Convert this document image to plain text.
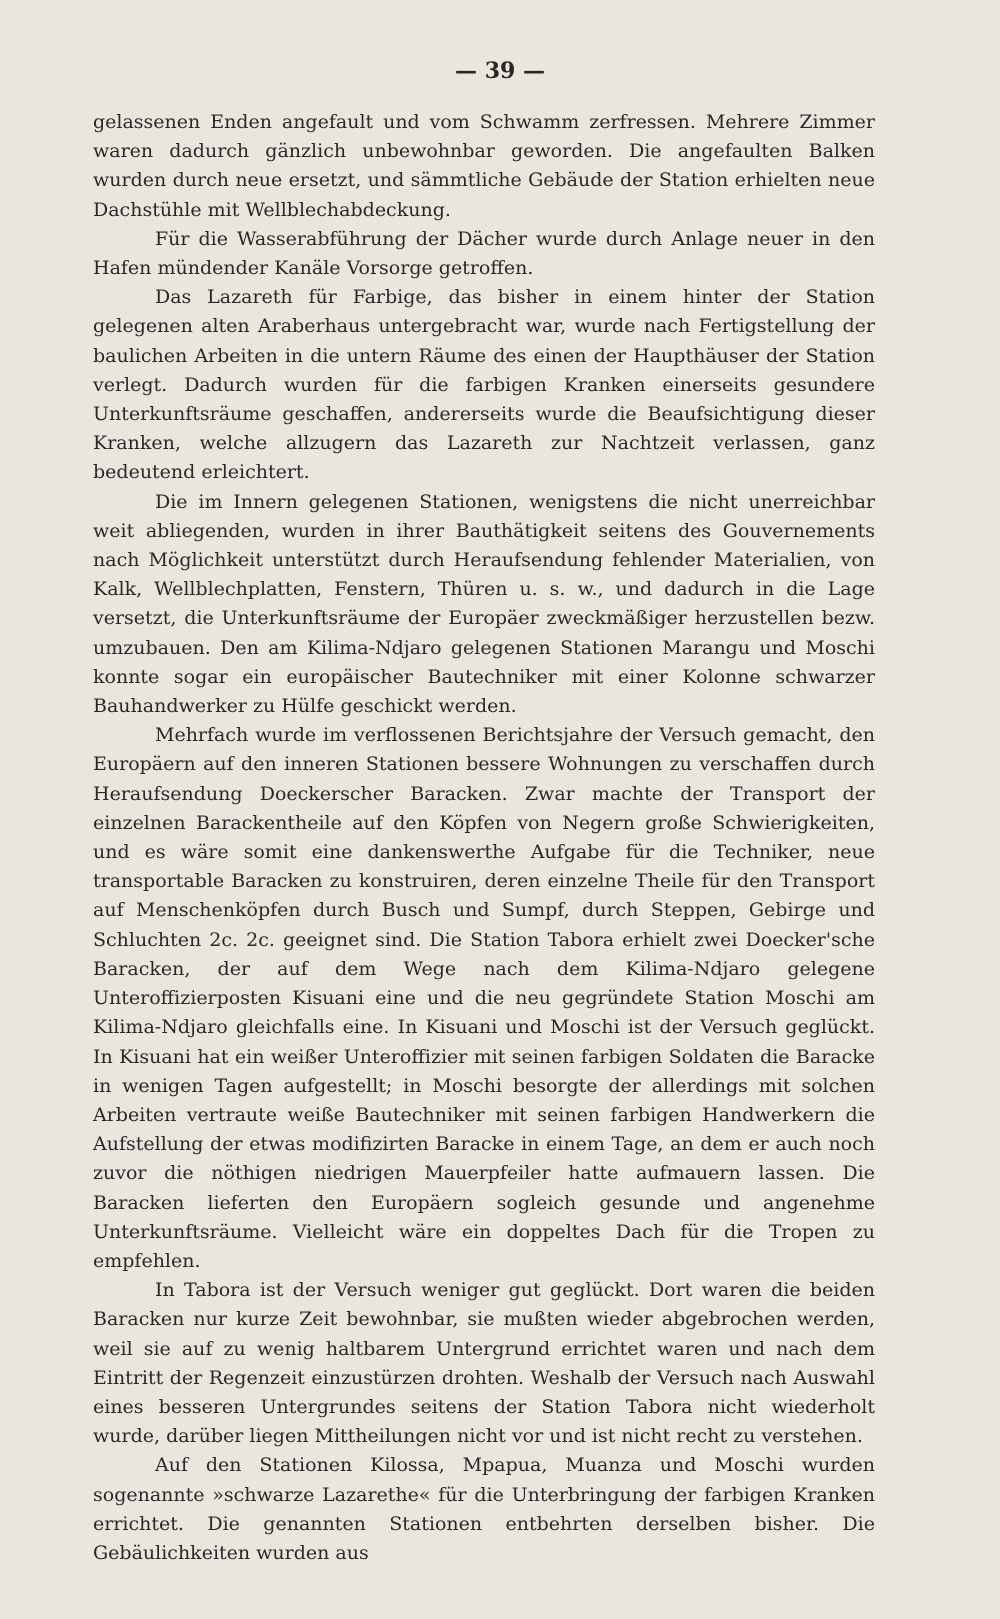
— 39 —

gelassenen Enden angefault und vom Schwamm zerfressen. Mehrere Zimmer waren dadurch gänzlich unbewohnbar geworden. Die angefaulten Balken wurden durch neue ersetzt, und sämmtliche Gebäude der Station erhielten neue Dachstühle mit Wellblechabdeckung.

Für die Wasserabführung der Dächer wurde durch Anlage neuer in den Hafen mündender Kanäle Vorsorge getroffen.

Das Lazareth für Farbige, das bisher in einem hinter der Station gelegenen alten Araberhaus untergebracht war, wurde nach Fertigstellung der baulichen Arbeiten in die untern Räume des einen der Haupthäuser der Station verlegt. Dadurch wurden für die farbigen Kranken einerseits gesundere Unterkunftsräume geschaffen, andererseits wurde die Beaufsichtigung dieser Kranken, welche allzugern das Lazareth zur Nachtzeit verlassen, ganz bedeutend erleichtert.

Die im Innern gelegenen Stationen, wenigstens die nicht unerreichbar weit abliegenden, wurden in ihrer Bauthätigkeit seitens des Gouvernements nach Möglichkeit unterstützt durch Heraufsendung fehlender Materialien, von Kalk, Wellblechplatten, Fenstern, Thüren u. s. w., und dadurch in die Lage versetzt, die Unterkunftsräume der Europäer zweckmäßiger herzustellen bezw. umzubauen. Den am Kilima-Ndjaro gelegenen Stationen Marangu und Moschi konnte sogar ein europäischer Bautechniker mit einer Kolonne schwarzer Bauhandwerker zu Hülfe geschickt werden.

Mehrfach wurde im verflossenen Berichtsjahre der Versuch gemacht, den Europäern auf den inneren Stationen bessere Wohnungen zu verschaffen durch Heraufsendung Doeckerscher Baracken. Zwar machte der Transport der einzelnen Barackentheile auf den Köpfen von Negern große Schwierigkeiten, und es wäre somit eine dankenswerthe Aufgabe für die Techniker, neue transportable Baracken zu konstruiren, deren einzelne Theile für den Transport auf Menschenköpfen durch Busch und Sumpf, durch Steppen, Gebirge und Schluchten 2c. 2c. geeignet sind. Die Station Tabora erhielt zwei Doecker'sche Baracken, der auf dem Wege nach dem Kilima-Ndjaro gelegene Unteroffizierposten Kisuani eine und die neu gegründete Station Moschi am Kilima-Ndjaro gleichfalls eine. In Kisuani und Moschi ist der Versuch geglückt. In Kisuani hat ein weißer Unteroffizier mit seinen farbigen Soldaten die Baracke in wenigen Tagen aufgestellt; in Moschi besorgte der allerdings mit solchen Arbeiten vertraute weiße Bautechniker mit seinen farbigen Handwerkern die Aufstellung der etwas modifizirten Baracke in einem Tage, an dem er auch noch zuvor die nöthigen niedrigen Mauerpfeiler hatte aufmauern lassen. Die Baracken lieferten den Europäern sogleich gesunde und angenehme Unterkunftsräume. Vielleicht wäre ein doppeltes Dach für die Tropen zu empfehlen.

In Tabora ist der Versuch weniger gut geglückt. Dort waren die beiden Baracken nur kurze Zeit bewohnbar, sie mußten wieder abgebrochen werden, weil sie auf zu wenig haltbarem Untergrund errichtet waren und nach dem Eintritt der Regenzeit einzustürzen drohten. Weshalb der Versuch nach Auswahl eines besseren Untergrundes seitens der Station Tabora nicht wiederholt wurde, darüber liegen Mittheilungen nicht vor und ist nicht recht zu verstehen.

Auf den Stationen Kilossa, Mpapua, Muanza und Moschi wurden sogenannte »schwarze Lazarethe« für die Unterbringung der farbigen Kranken errichtet. Die genannten Stationen entbehrten derselben bisher. Die Gebäulichkeiten wurden aus
